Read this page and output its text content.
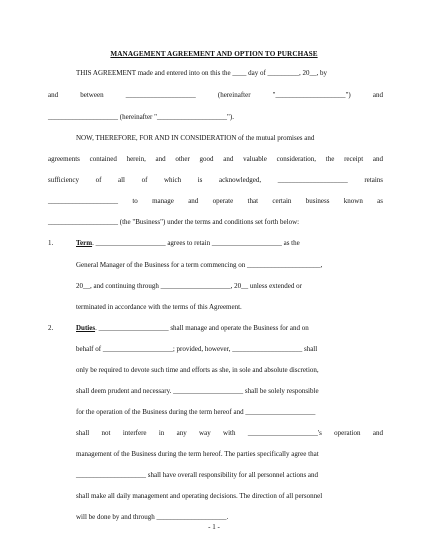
MANAGEMENT AGREEMENT AND OPTION TO PURCHASE
THIS AGREEMENT made and entered into on this the ____ day of _________, 20__, by
and between ____________________ (hereinafter "____________________") and
____________________ (hereinafter "____________________").
NOW, THEREFORE, FOR AND IN CONSIDERATION of the mutual promises and
agreements contained herein, and other good and valuable consideration, the receipt and
sufficiency of all of which is acknowledged, ____________________ retains
____________________ to manage and operate that certain business known as
____________________ (the "Business") under the terms and conditions set forth below:
1.	Term. ____________________ agrees to retain ____________________ as the
General Manager of the Business for a term commencing on _____________________,
20__, and continuing through ____________________, 20__ unless extended or
terminated in accordance with the terms of this Agreement.
2.	Duties. ____________________ shall manage and operate the Business for and on
behalf of ____________________; provided, however, ____________________ shall
only be required to devote such time and efforts as she, in sole and absolute discretion,
shall deem prudent and necessary. ____________________ shall be solely responsible
for the operation of the Business during the term hereof and ____________________
shall not interfere in any way with ____________________'s operation and
management of the Business during the term hereof. The parties specifically agree that
____________________ shall have overall responsibility for all personnel actions and
shall make all daily management and operating decisions. The direction of all personnel
will be done by and through ____________________.
- 1 -
